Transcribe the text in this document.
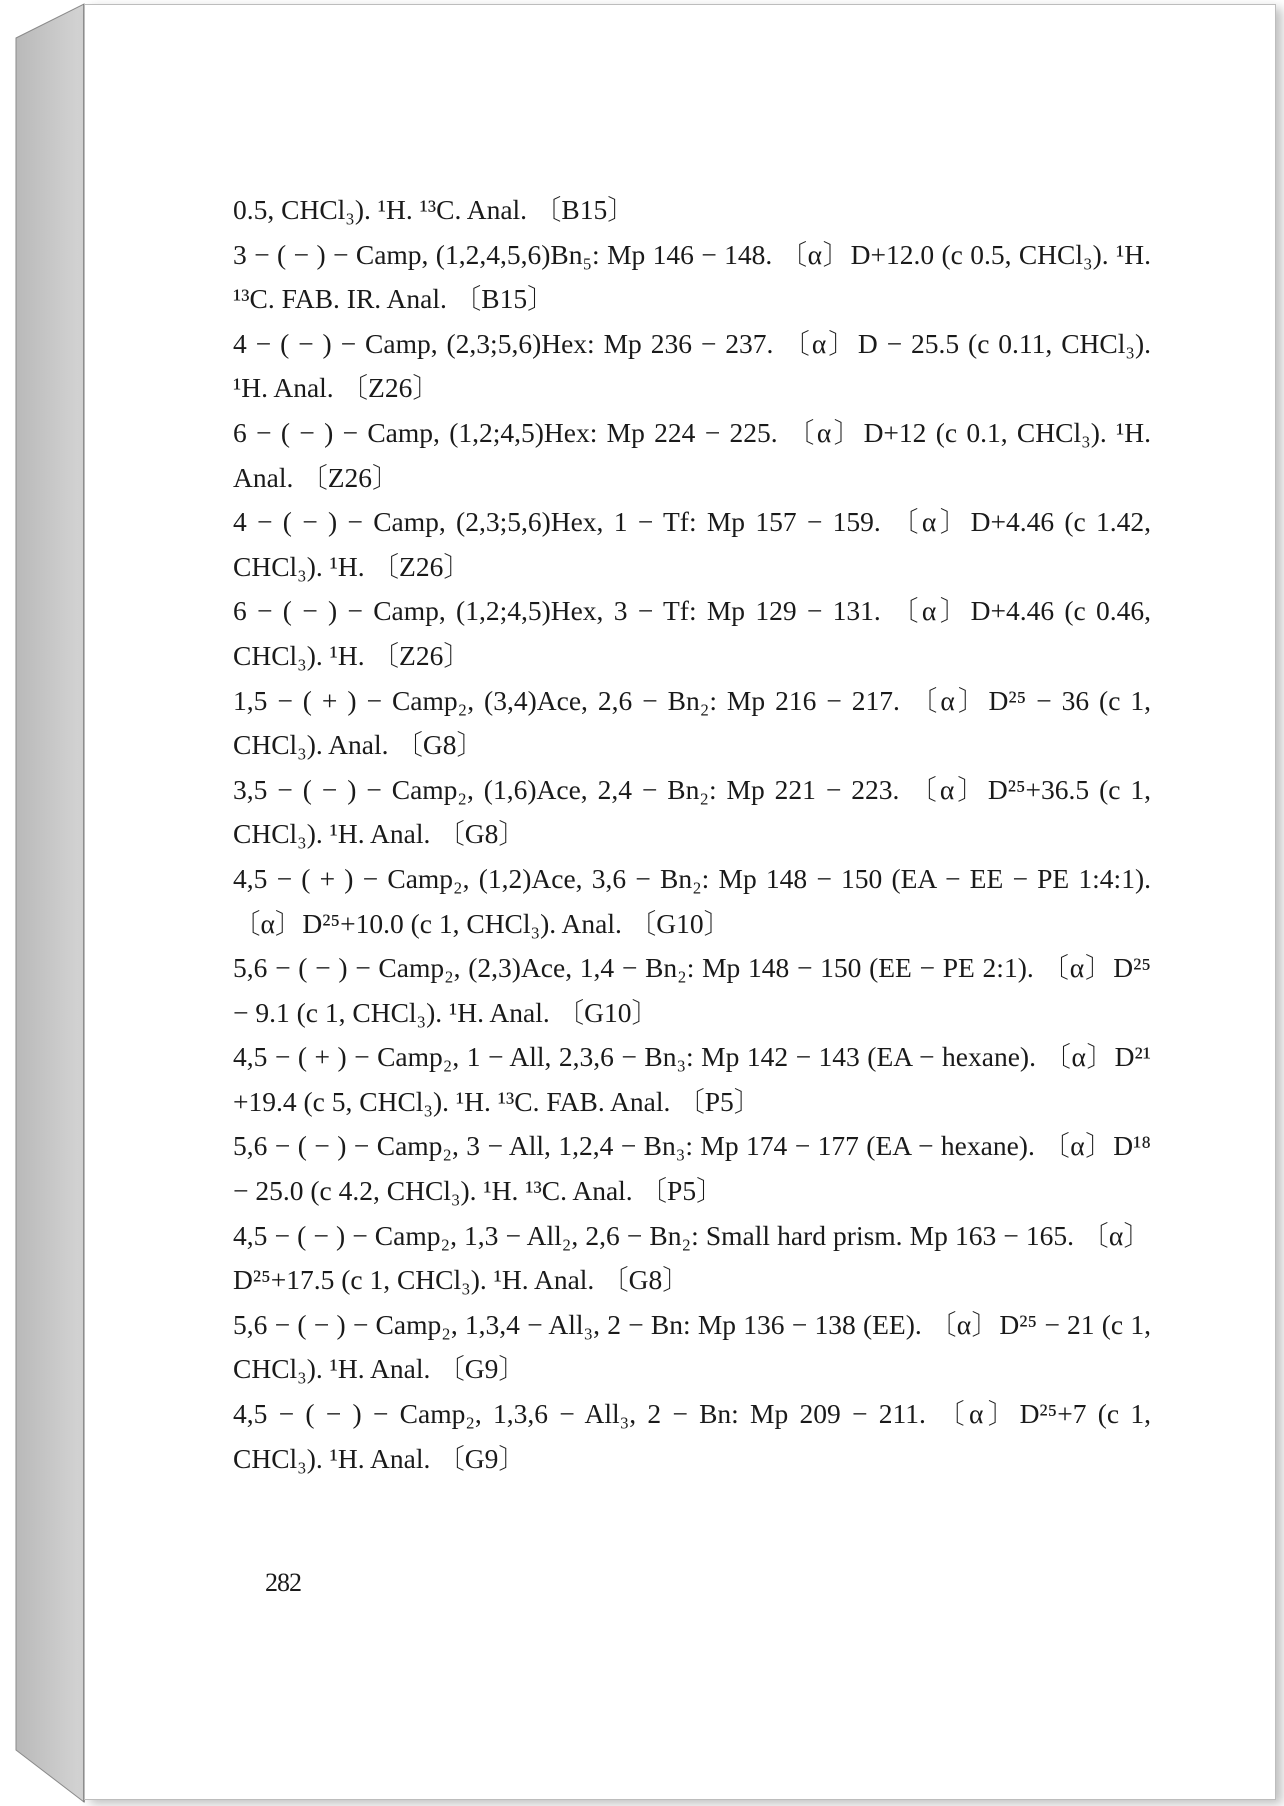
0.5, CHCl₃). ¹H. ¹³C. Anal. 〔B15〕

3 − ( − ) − Camp, (1,2,4,5,6)Bn₅: Mp 146 − 148. 〔α〕D+12.0 (c 0.5, CHCl₃). ¹H. ¹³C. FAB. IR. Anal. 〔B15〕

4 − ( − ) − Camp, (2,3;5,6)Hex: Mp 236 − 237. 〔α〕D − 25.5 (c 0.11, CHCl₃). ¹H. Anal. 〔Z26〕

6 − ( − ) − Camp, (1,2;4,5)Hex: Mp 224 − 225. 〔α〕D+12 (c 0.1, CHCl₃). ¹H. Anal. 〔Z26〕

4 − ( − ) − Camp, (2,3;5,6)Hex, 1 − Tf: Mp 157 − 159. 〔α〕D+4.46 (c 1.42, CHCl₃). ¹H. 〔Z26〕

6 − ( − ) − Camp, (1,2;4,5)Hex, 3 − Tf: Mp 129 − 131. 〔α〕D+4.46 (c 0.46, CHCl₃). ¹H. 〔Z26〕

1,5 − ( + ) − Camp₂, (3,4)Ace, 2,6 − Bn₂: Mp 216 − 217. 〔α〕D²⁵ − 36 (c 1, CHCl₃). Anal. 〔G8〕

3,5 − ( − ) − Camp₂, (1,6)Ace, 2,4 − Bn₂: Mp 221 − 223. 〔α〕D²⁵+36.5 (c 1, CHCl₃). ¹H. Anal. 〔G8〕

4,5 − ( + ) − Camp₂, (1,2)Ace, 3,6 − Bn₂: Mp 148 − 150 (EA − EE − PE 1:4:1). 〔α〕D²⁵+10.0 (c 1, CHCl₃). Anal. 〔G10〕

5,6 − ( − ) − Camp₂, (2,3)Ace, 1,4 − Bn₂: Mp 148 − 150 (EE − PE 2:1). 〔α〕D²⁵ − 9.1 (c 1, CHCl₃). ¹H. Anal. 〔G10〕

4,5 − ( + ) − Camp₂, 1 − All, 2,3,6 − Bn₃: Mp 142 − 143 (EA − hexane). 〔α〕D²¹ +19.4 (c 5, CHCl₃). ¹H. ¹³C. FAB. Anal. 〔P5〕

5,6 − ( − ) − Camp₂, 3 − All, 1,2,4 − Bn₃: Mp 174 − 177 (EA − hexane). 〔α〕D¹⁸ − 25.0 (c 4.2, CHCl₃). ¹H. ¹³C. Anal. 〔P5〕

4,5 − ( − ) − Camp₂, 1,3 − All₂, 2,6 − Bn₂: Small hard prism. Mp 163 − 165. 〔α〕D²⁵+17.5 (c 1, CHCl₃). ¹H. Anal. 〔G8〕

5,6 − ( − ) − Camp₂, 1,3,4 − All₃, 2 − Bn: Mp 136 − 138 (EE). 〔α〕D²⁵ − 21 (c 1, CHCl₃). ¹H. Anal. 〔G9〕

4,5 − ( − ) − Camp₂, 1,3,6 − All₃, 2 − Bn: Mp 209 − 211. 〔α〕D²⁵+7 (c 1, CHCl₃). ¹H. Anal. 〔G9〕

282
